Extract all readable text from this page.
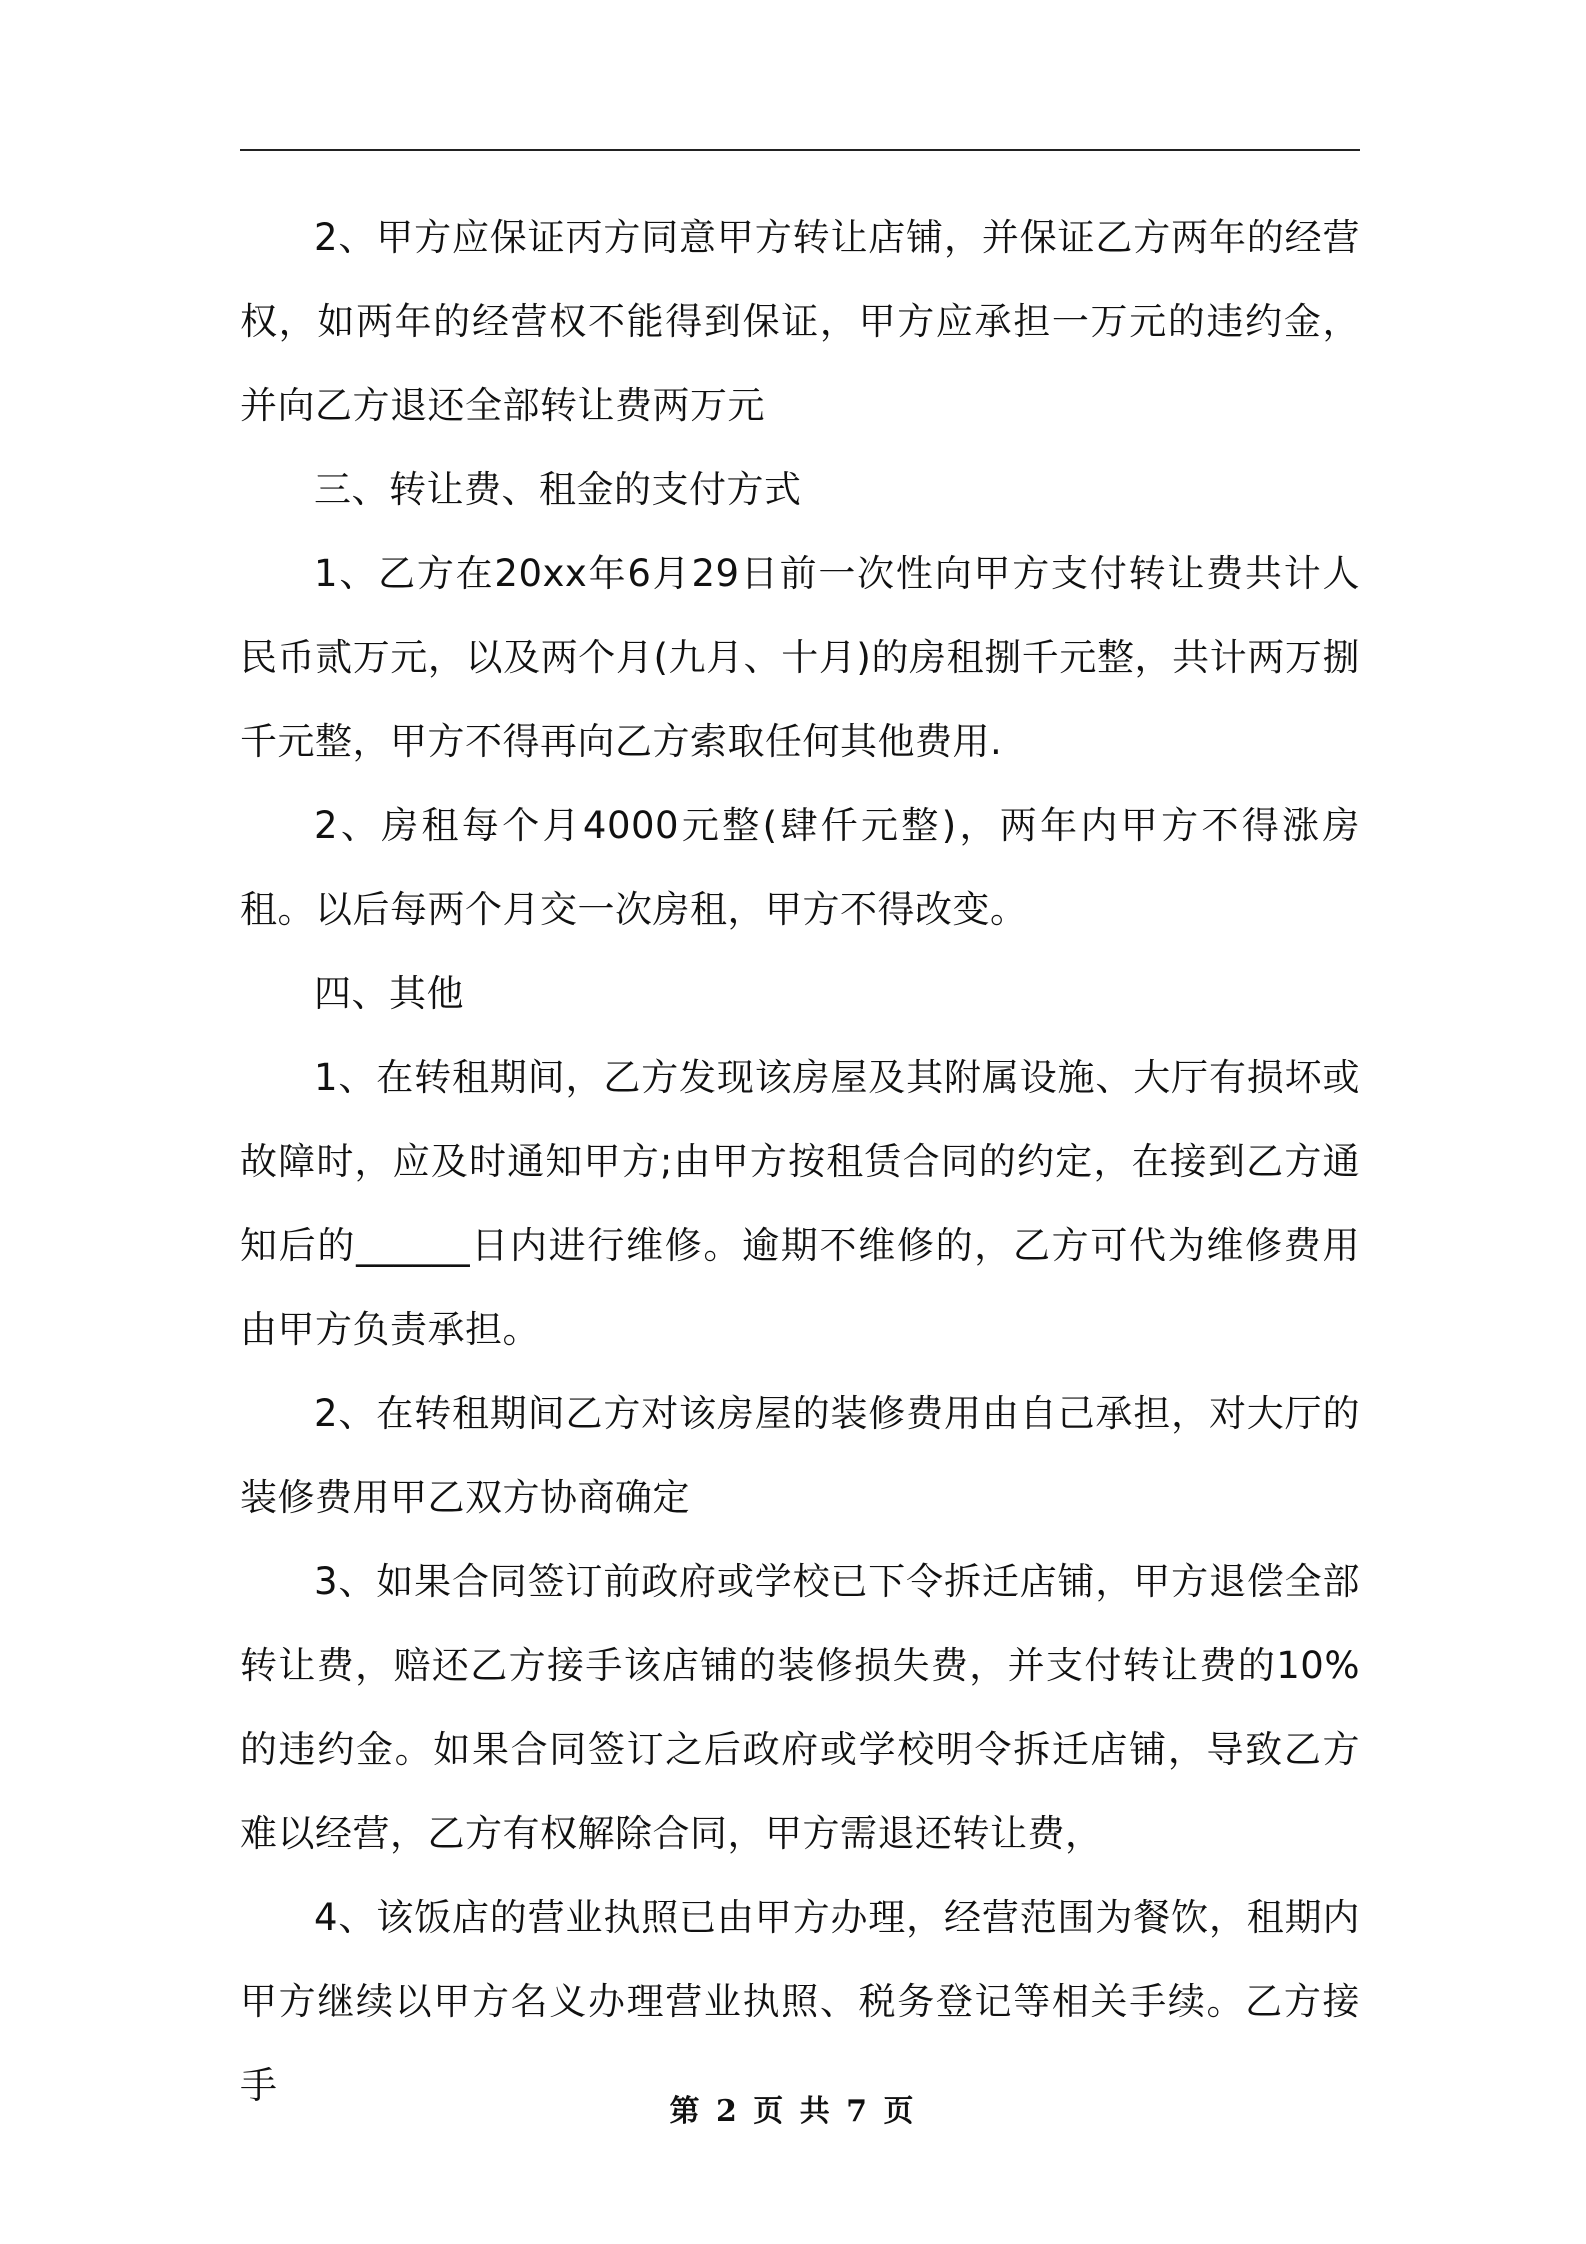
2、甲方应保证丙方同意甲方转让店铺，并保证乙方两年的经营权，如两年的经营权不能得到保证，甲方应承担一万元的违约金，并向乙方退还全部转让费两万元

三、转让费、租金的支付方式

1、乙方在20xx年6月29日前一次性向甲方支付转让费共计人民币贰万元，以及两个月(九月、十月)的房租捌千元整，共计两万捌千元整，甲方不得再向乙方索取任何其他费用.

2、房租每个月4000元整(肆仟元整)，两年内甲方不得涨房租。以后每两个月交一次房租，甲方不得改变。

四、其他

1、在转租期间，乙方发现该房屋及其附属设施、大厅有损坏或故障时，应及时通知甲方;由甲方按租赁合同的约定，在接到乙方通知后的______日内进行维修。逾期不维修的，乙方可代为维修费用由甲方负责承担。

2、在转租期间乙方对该房屋的装修费用由自己承担，对大厅的装修费用甲乙双方协商确定

3、如果合同签订前政府或学校已下令拆迁店铺，甲方退偿全部转让费，赔还乙方接手该店铺的装修损失费，并支付转让费的10%的违约金。如果合同签订之后政府或学校明令拆迁店铺，导致乙方难以经营，乙方有权解除合同，甲方需退还转让费，

4、该饭店的营业执照已由甲方办理，经营范围为餐饮，租期内甲方继续以甲方名义办理营业执照、税务登记等相关手续。乙方接手

第 2 页 共 7 页
